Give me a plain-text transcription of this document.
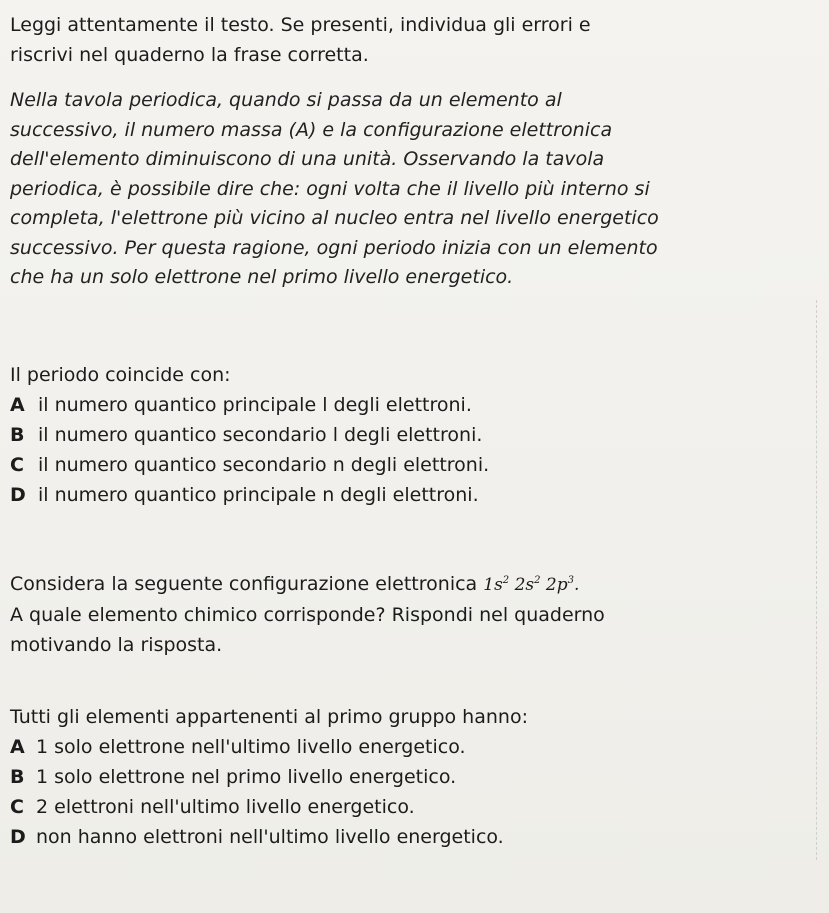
Leggi attentamente il testo. Se presenti, individua gli errori e
riscrivi nel quaderno la frase corretta.
Nella tavola periodica, quando si passa da un elemento al
successivo, il numero massa (A) e la configurazione elettronica
dell'elemento diminuiscono di una unità. Osservando la tavola
periodica, è possibile dire che: ogni volta che il livello più interno si
completa, l'elettrone più vicino al nucleo entra nel livello energetico
successivo. Per questa ragione, ogni periodo inizia con un elemento
che ha un solo elettrone nel primo livello energetico.
Il periodo coincide con:
A il numero quantico principale l degli elettroni.
B il numero quantico secondario l degli elettroni.
C il numero quantico secondario n degli elettroni.
D il numero quantico principale n degli elettroni.
Considera la seguente configurazione elettronica $1s^2$ $2s^2$ $2p^3$.
A quale elemento chimico corrisponde? Rispondi nel quaderno
motivando la risposta.
Tutti gli elementi appartenenti al primo gruppo hanno:
A 1 solo elettrone nell'ultimo livello energetico.
B 1 solo elettrone nel primo livello energetico.
C 2 elettroni nell'ultimo livello energetico.
D non hanno elettroni nell'ultimo livello energetico.
